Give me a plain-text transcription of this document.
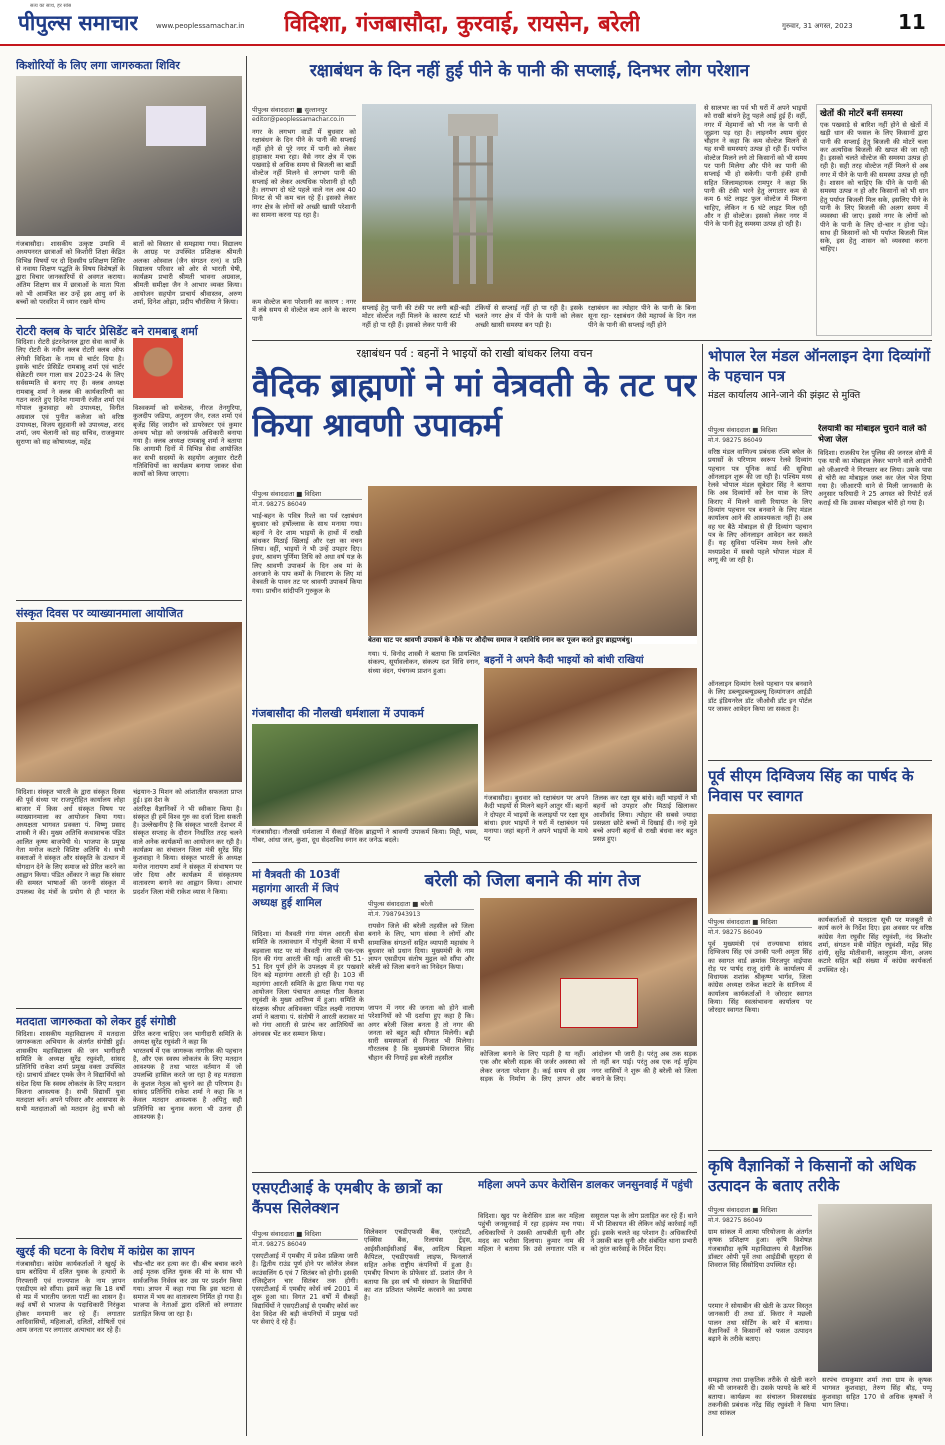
सत्य का साथ, हर सांस
पीपुल्स समाचार	www.peoplessamachar.in विदिशा, गंजबासौदा, कुरवाई, रायसेन, बरेली	गुरुवार, 31 अगस्त, 2023 11
किशोरियों के लिए लगा जागरुकता शिविर

गंजबासौदा। शासकीय उत्कृष्ट उमावि में अध्ययनरत छात्राओं को किशोरी शिक्षा केंद्रित विभिन्न विषयों पर दो दिवसीय प्रशिक्षण शिविर से नवाया शिक्षण पद्धति के विषय विशेषज्ञों के द्वारा विचार जानकारियों से अवगत कराया। अंतिम शिक्षण सत्र में छात्राओं के माता पिता को भी आमंत्रित कर उन्हें इस आयु वर्ग के बच्चों को परवरिश में ध्यान रखने योग्य

बातों को विस्तार से समझाया गया। विद्यालय के आग्रह पर उपस्थित प्रशिक्षक श्रीमती अलका ओस्वाल (जैन संगठन रत्न) व प्रति विद्यालय परिवार को ओर से भारती घेषी, कार्यक्रम प्रभारी श्रीमती भावना अग्रवाल, श्रीमती समीक्षा जैन ने आभार व्यक्त किया। आयोजन सहयोग प्राचार्य श्रीवास्तव, अरुण शर्मा, दिनेश ओझा, प्रदीप चौरसिया ने किया।

रोटरी क्लब के चार्टर प्रेसिडेंट बने रामबाबू शर्मा
विदिशा। रोटरी इंटरनेशनल द्वारा सेवा कार्यों के लिए रोटरी के नवीन क्लब रोटरी क्लब ऑफ लेगेसी विदिशा के नाम से चार्टर दिया है। इसके चार्टर प्रेसिडेंट रामबाबू शर्मा एवं चार्टर सेक्रेटरी रमन गाला सत्र 2023-24 के लिए सर्वसम्मति से बनाए गए हैं। क्लब अध्यक्ष रामबाबू शर्मा ने क्लब की कार्यकारिणी का गठन करते हुए दिनेश गामानी रंजीत शर्मा एवं गोपाल कुशवाहा को उपाध्यक्ष, विनीत अग्रवाल एवं पुनीत कलेजा को वरिष्ठ उपाध्यक्ष, विजय सुहवानी को उपाध्यक्ष, शरद शर्मा, जय चेलानी को सह सचिव, राजकुमार सुराणा को सह कोषाध्यक्ष, महेंद्र
विश्वकर्मा को सचेतक, नीरज तेनगुरिया, कुलदीप जडिया, अनुराग जैन, रजत शर्मा एवं बृजेंद्र सिंह जादौन को डायरेक्टर एवं कुमार अन्वय भोड़ा को जनसंपर्क अधिकारी बनाया गया है। क्लब अध्यक्ष रामबाबू शर्मा ने बताया कि आगामी दिनों में विभिन्न सेवा आयोजित कर सभी सदस्यों के सहयोग अनुसार रोटरी गतिविधियों का कार्यक्रम बनाया जाकर सेवा कार्यों को किया जाएगा।
संस्कृत दिवस पर व्याख्यानमाला आयोजित

विदिशा। संस्कृत भारती के द्वारा संस्कृत दिवस की पूर्व संध्या पर राजपुरोहित कार्यालय लोहा बाजार में किस अर्ध संस्कृत विषय पर व्याख्यानमाला का आयोजन किया गया। अध्यक्षता भागवत प्रवक्ता पं. विष्णु प्रसाद शास्त्री ने की। मुख्य अतिथि कथावाचक पंडित आलित कृष्ण बाजपेयी थे। भाजपा के प्रमुख नेता मनोज कटारे विशिष्ट अतिथि थे। सभी वक्ताओं ने संस्कृत और संस्कृति के उत्थान में योगदान देने के लिए समाज को प्रेरित करने का आह्वान किया। पंडित ओंकार ने कहा कि संसार की समस्त भाषाओं की जननी संस्कृत में उपलब्ध वेद मंत्रों के प्रयोग से ही भारत के चंद्रयान-3 मिशन को आंशातीत सफलता प्राप्त हुई। इस देश के

अंतरिक्ष वैज्ञानिकों ने भी स्वीकार किया है। संस्कृत ही हमें विश्व गुरु का दर्जा दिला सकती है। उल्लेखनीय है कि संस्कृत भारती देशभर में संस्कृत सप्ताह के दौरान निर्धारित तरह चलने वाले अनेक कार्यक्रमों का आयोजन कर रही है। कार्यक्रम का संचालन जिला मंत्री सुरेंद्र सिंह कुशवाहा ने किया। संस्कृत भारती के अध्यक्ष मनोज नारायण शर्मा ने संस्कृत में संभाषण पर जोर दिया और कार्यक्रम में संस्कृतमय वातावरण बनाने का आह्वान किया। आभार प्रदर्शन जिला मंत्री राकेश व्यास ने किया।

मतदाता जागरुकता को लेकर हुई संगोष्ठी

विदिशा। शासकीय महाविद्यालय में मतदाता जागरूकता अभियान के अंतर्गत संगोष्ठी हुई। शासकीय महाविद्यालय की जन भागीदारी समिति के अध्यक्ष सुरेंद्र रघुवंशी, सांसद प्रतिनिधि राकेश शर्मा प्रमुख वक्ता उपस्थित रहे। प्राचार्य डॉक्टर एमके जैन ने विद्यार्थियों को संदेश दिया कि स्वस्थ लोकतंत्र के लिए मतदान कितना आवश्यक है। सभी विद्यार्थी युवा मतदाता बनें। अपने परिवार और आसपास के सभी मतदाताओं को मतदान हेतु सभी को प्रेरित करना चाहिए। जन भागीदारी समिति के अध्यक्ष सुरेंद्र रघुवंशी ने कहा कि

भारतवर्ष में एक जागरूक नागरिक की पहचान है, और एक स्वस्थ लोकतंत्र के लिए मतदान आवश्यक है तथा भारत वर्तमान में जो उपलब्धि हासिल करते जा रहा है वह मतदाता के कुशल नेतृत्व को चुनने का ही परिणाम है। सांसद प्रतिनिधि राकेश शर्मा ने कहा कि न केवल मतदान आवश्यक है अपितु सही प्रतिनिधि का चुनाव करना भी उतना ही आवश्यक है।

खुरई की घटना के विरोध में कांग्रेस का ज्ञापन

गंजबासौदा। कांग्रेस कार्यकर्ताओं ने खुरई के ग्राम बरोदिया में दलित युवक के हत्यारों के गिरफ्तारी एवं राज्यपाल के नाम ज्ञापन एसडीएम को सौंपा। इसमें कहा कि 18 वर्षों से मप्र में भारतीय जनता पार्टी का शासन है। कई वर्षों से भाजपा के पदाधिकारी निरंकुश होकर मनमानी कर रहे हैं। लगातार आदिवासियों, महिलाओं, दलितों, शोषितों एवं आम जनता पर लगातार अत्याचार कर रहे हैं।

चौड-चौट कर हत्या कर दी। बीच बचाव करने आई मृतक दलित युवक की मां के साथ भी सार्वजनिक निर्वस्त्र कर उस पर प्रदर्शन किया गया। ज्ञापन में कहा गया कि इस घटना से समाज में भय का वातावरण निर्मित हो गया है। भाजपा के नेताओं द्वारा दलितों को लगातार प्रताड़ित किया जा रहा है।

रक्षाबंधन के दिन नहीं हुई पीने के पानी की सप्लाई, दिनभर लोग परेशान
पीपुल्स संवाददाता ■ सुल्तानपुर
editor@peoplessamachar.co.in
नगर के लगभग वार्डों में बुधवार को रक्षाबंधन के दिन पीने के पानी की सप्लाई नहीं होने से पूरे नगर में पानी को लेकर हाहाकार मचा रहा। वैसे नगर क्षेत्र में एक पखवाड़े से अधिक समय से बिजली का बार्डी वोल्टेज नहीं मिलने से लगभग पानी की सप्लाई को लेकर अत्यधिक परेशानी हो रही है। लगभग दो घंटे पहले वाले नल अब 40 मिनट से भी कम चल रहे हैं। इसको लेकर नगर क्षेत्र के लोगों को अच्छी खासी परेशानी का सामना करना पड़ रहा है।
कम वोल्टेज बना परेशानी का कारण : नगर में लंबे समय से वोल्टेज कम आने के कारण पानी
सप्लाई हेतु पानी की टंकी पर लगी बड़ी-बड़ी मोटर वोल्टेज नहीं मिलने के कारण स्टार्ट भी नहीं हो पा रही हैं। इसको लेकर पानी की
टंकियों से सप्लाई नहीं हो पा रही है। इसके चलते नगर क्षेत्र में पीने के पानी को लेकर अच्छी खासी समस्या बन पड़ी है।
रक्षाबंधन का त्योहार पीने के पानी के बिना सूना रहा- रक्षाबंधन जैसे महापर्व के दिन नल पीने के पानी की सप्लाई नहीं होने
से सालभर का पर्व भी घरों में अपने भाइयों को राखी बांधने हेतु पहले आई हुई हैं। वहीं, नगर में मेहमानों को भी नल के पानी से जूझना पड़ रहा है। लाइनमैन श्याम सुंदर चौहान ने कहा कि कम वोल्टेज मिलने से यह सभी समस्याएं उत्पन्न हो रही हैं। पर्याप्त वोल्टेज मिलने लगे तो किसानों को भी समय पर पानी मिलेगा और पीने का पानी की सप्लाई भी हो सकेगी। पानी हंकी हाथी सहित जिलामहायक रामपुर ने कहा कि पानी की टंकी भरने हेतु लगातार कम से कम 6 घंटे लाइट फुल वोल्टेज में मिलना चाहिए, लेकिन न 6 घंटे लाइट मिल रही और न ही वोल्टेज। इसको लेकर नगर में पीने के पानी हेतु समस्या उत्पन्न हो रही है।
खेतों की मोटरें बनीं समस्या
एक पखवाड़े से बारिश नहीं होने से खेतों में खड़ी धान की फसल के लिए किसानों द्वारा पानी की सप्लाई हेतु बिजली की मोटरें चला कर अत्यधिक बिजली की खपत की जा रही है। इसको चलते वोल्टेज की समस्या उत्पन्न हो रही है। सही तरह वोल्टेज नहीं मिलने से अब नगर में पीने के पानी की समस्या उत्पन्न हो रही है। शासन को चाहिए कि पीने के पानी की समस्या उत्पन्न न हो और किसानों को भी धान हेतु पर्याप्त बिजली मिल सके, इसलिए पीने के पानी के लिए बिजली की अलग समय में व्यवस्था की जाए। इससे नगर के लोगों को पीने के पानी के लिए दो-चार न होना पड़े। साथ ही किसानों को भी पर्याप्त बिजली मिल सके, इस हेतु शासन को व्यवस्था करना चाहिए।
रक्षाबंधन पर्व : बहनों ने भाइयों को राखी बांधकर लिया वचन
वैदिक ब्राह्मणों ने मां वेत्रवती के तट पर किया श्रावणी उपाकर्म
पीपुल्स संवाददाता ■ विदिशा
मो.नं. 98275 86049
भाई-बहन के पवित्र रिश्ते का पर्व रक्षाबंधन बुधवार को हर्षोल्लास के साथ मनाया गया। बहनों ने देर शाम भाइयों के हाथों में राखी बांधकर मिठाई खिलाई और रक्षा का वचन लिया। वहीं, भाइयों ने भी उन्हें उपहार दिए। इधर, श्रावण पूर्णिमा तिथि को अधा वर्ष यज्ञ के लिए श्रावणी उपाकर्म के दिन अब मां के अनजाने के पाप कर्मों के निवारण के लिए मां वेत्रवती के पावन तट पर श्रावणी उपाकर्म किया गया। प्राचीन सांदीपनि गुरुकुल के
बेतवा घाट पर श्रावणी उपाकर्म के मौके पर औदीच्य समाज ने दशविधि स्नान कर पूजन करते हुए ब्राह्मणबंधु।
गया। पं. विनोद शास्त्री ने बताया कि प्रायश्चित संकल्प, सूर्यावलोकन, संकल्प दश विधि स्नान, संध्या वंदन, पंचगव्य प्राशन हुआ।
गंजबासौदा की नौलखी धर्मशाला में उपाकर्म
गंजबासौदा। नौलखी धर्मशाला में सैकड़ों वैदिक ब्राह्मणों ने श्रावणी उपाकर्म किया। मिट्टी, भस्म, गोबर, आंधा जल, कुशा, दूध सेदशविध स्नान कर जनेऊ बदले।
बहनों ने अपने कैदी भाइयों को बांधी राखियां
गंजबासौदा। बुधवार को रक्षाबंधन पर अपने कैदी भाइयों से मिलने बहनें आतुर थीं। बहनों ने दोपहर में भाइयों के कलाइयों पर रक्षा सूत्र बांधा। इधर भाइयों ने घरों में रक्षाबंधन पर्व मनाया। जहां बहनों ने अपने भाइयों के माथे पर
तिलक कर रक्षा सूत्र बांधे। वहीं भाइयों ने भी बहनों को उपहार और मिठाई खिलाकर आशीर्वाद लिया। त्योहार की सबसे ज्यादा प्रसन्नता छोटे बच्चों में दिखाई दी। नन्हे मुन्ने बच्चे अपनी बहनों से राखी बंधवा कर बहुत प्रसन्न हुए।
मां वैत्रवती की 103वीं महागंगा आरती में जिपं अध्यक्ष हुई शामिल
विदिशा। मां वैत्रवती गंगा मंगल आरती सेवा समिति के तत्वावधान में गोपुली बेतवा में सभी बड़वाला घाट पर मां वैत्रवती गंगा की एक-एक दिन की गंगा आरती की गई। आरती की 51-51 दिन पूर्ण होने के उपलक्ष्य में हर पखवारे दिन बड़े महागंगा आरती हो रही है। 103 वीं महागंगा आरती समिति के द्वारा किया गया यह आयोजन जिला पंचायत अध्यक्ष गीता कैलाश रघुवंशी के मुख्य आतिथ्य में हुआ। समिति के संरक्षक श्रीधर अधिवक्ता पंडित लक्ष्मी नारायण शर्मा ने बताया। पं. संतोषी ने आरती कराकर मां को गंगा आरती से प्रारंभ कर आतिथियों का अंगवस्त्र भेंट कर सम्मान किया।
बरेली को जिला बनाने की मांग तेज
पीपुल्स संवाददाता ■ बरेली
मो.नं. 7987943913
रायसेन जिले की बरेली तहसील को जिला बनाने के लिए, भाग संस्था ने लोगों और सामाजिक संगठनों सहित व्यापारी महासंघ ने बुधवार को प्रधान दिया। मुख्यमंत्री के नाम ज्ञापन एसडीएम संतोष मुद्गल को सौंपा और बरेली को जिला बनाने का निवेदन किया।
जापन में नगर की जनता को होने वाली परेशानियों को भी दर्शाया हुए कहा है कि। अगर बरेली जिला बनता है तो नगर की जनता को बहुत बड़ी सौगात मिलेगी। बढ़ी सारी समस्याओं से निजात भी मिलेगा। गौरतलब है कि मुख्यमंत्री शिवराज सिंह चौहान की निगाहें इस बरेली तहसील	कोजिला बनाने के लिए पड़ती है या नहीं। एक और बरेली सड़क की जर्जर अवस्था को लेकर जनता परेशान है। कई समय से इस सड़क के निर्माण के लिए ज्ञापन और आंदोलन भी जारी है। परंतु अब तक सड़क तो नहीं बन पाई। परंतु अब एक नई मुहिम नगर वासियों ने शुरू की है बरेली को जिला बनाने के लिए।
एसएटीआई के एमबीए के छात्रों का कैंपस सिलेक्शन
पीपुल्स संवाददाता ■ विदिशा
मो.नं. 98275 86049
एसएटीआई में एमबीए में प्रवेश प्रक्रिया जारी है। द्वितीय राउंड पूर्ण होने पर कॉलेज लेवल काउंसलिंग 6 एवं 7 सितंबर को होगी। इसकी रजिस्ट्रेशन चार सितंबर तक होगी। एसएटीआई में एमबीए कोर्स वर्ष 2001 में शुरू हुआ था। विगत 21 वर्षों में सैकड़ों विद्यार्थियों ने एसएटीआई से एमबीए कोर्स कर देश विदेश की बड़ी कंपनियों में प्रमुख पदों पर सेवाएं दे रहे हैं।
सिलेक्शन एचडीएफसी बैंक, एलएंडटी, एक्सिस बैंक, रिलायंस ट्रेंड्स, आईसीआईसीआई बैंक, आदित्य बिड़ला कैपिटल, एचडीएफसी लाइफ, फिनलार्ज सहित अनेक राष्ट्रीय कंपनियों में हुआ है। एमबीए विभाग के प्रोफेसर डॉ. प्रशांत जैन ने बताया कि इस वर्ष भी संस्थान के विद्यार्थियों का शत प्रतिशत प्लेसमेंट करवाने का प्रयास है।
महिला अपने ऊपर केरोसिन डालकर जनसुनवाई में पहुंची
विदिशा। खुद पर केरोसिन डाल कर महिला पहुंची जनसुनवाई में रहा हड़कंप मच गया। अधिकारियों ने उसकी आपबीती सुनी और मदद का भरोसा दिलाया। कुमार नाम की महिला ने बताया कि उसे लगातार पति व ससुराल पक्ष के लोग प्रताड़ित कर रहे हैं। थाने में भी शिकायत की लेकिन कोई कार्रवाई नहीं हुई। इसके चलते वह परेशान है। अधिकारियों ने उसकी बात सुनी और संबंधित थाना प्रभारी को तुरंत कार्रवाई के निर्देश दिए।
भोपाल रेल मंडल ऑनलाइन देगा दिव्यांगों के पहचान पत्र
मंडल कार्यालय आने-जाने की झंझट से मुक्ति
पीपुल्स संवाददाता ■ विदिशा
मो.नं. 98275 86049
वरिष्ठ मंडल वाणिज्य प्रबंधक रश्मि बघेल के प्रयासों के परिणाम स्वरूप रेलवे दिव्यांग पहचान पत्र यूनिक कार्ड की सुविधा ऑनलाइन शुरू की जा रही है। पश्चिम मध्य रेलवे भोपाल मंडल सूबेदार सिंह ने बताया कि अब दिव्यांगों को रेल यात्रा के लिए किराए में मिलने वाली रियायत के लिए दिव्यांग पहचान पत्र बनवाने के लिए मंडल कार्यालय आने की आवश्यकता नहीं है। अब वह घर बैठे मोबाइल से ही दिव्यांग पहचान पत्र के लिए ऑनलाइन आवेदन कर सकते हैं। यह सुविधा पश्चिम मध्य रेलवे और मध्यप्रदेश में सबसे पहले भोपाल मंडल में लागू की जा रही है।
ऑनलाइन दिव्यांग रेलवे पहचान पत्र बनवाने के लिए डब्ल्यूडब्ल्यूडब्ल्यू दिव्यांगजन आईडी डॉट इंडियनरेल डॉट जीओवी डॉट इन पोर्टल पर जाकर आवेदन किया जा सकता है।
रेलयात्री का मोबाइल चुराने वाले को भेजा जेल
विदिशा। राजकीय रेल पुलिस की जनरल वोगी में एक यात्री का मोबाइल लेकर भागने वाले आरोपी को जीआरपी ने गिरफ्तार कर लिया। उसके पास से चोरी का मोबाइल जब्त कर जेल भेज दिया गया है। जीआरपी थाने से मिली जानकारी के अनुसार फरियादी ने 25 अगस्त को रिपोर्ट दर्ज कराई थी कि उसका मोबाइल चोरी हो गया है।
पूर्व सीएम दिग्विजय सिंह का पार्षद के निवास पर स्वागत
पीपुल्स संवाददाता ■ विदिशा
मो.नं. 98275 86049
पूर्व मुख्यमंत्री एवं राज्यसभा सांसद दिग्विजय सिंह एवं उनकी पत्नी अमृता सिंह का स्वागत वार्ड क्रमांक मिरजपुर वाईपास रोड़ पर पार्षद राजू दांगी के कार्यालय में विधायक शशांक श्रीकृष्ण भार्गव, जिला कांग्रेस अध्यक्ष राकेश कटारे के सानिध्य में कार्यालय कार्यकर्ताओं ने जोरदार स्वागत किया। सिंह स्वत्संभावना कार्यालय पर जोरदार स्वागत किया।
कार्यकर्ताओं से मतदाता सूची पर मजबूती से कार्य करने के निर्देश दिए। इस अवसर पर वरिष्ठ कांग्रेस नेता रघुवीर सिंह रघुवंशी, नंद किशोर शर्मा, संगठन मंत्री मोहित रघुवंशी, महेंद्र सिंह दांगी, सुरेंद्र मोतीवानी, कालूराम मीना, अजय कटारे सहित बड़ी संख्या में कांग्रेस कार्यकर्ता उपस्थित रहे।
कृषि वैज्ञानिकों ने किसानों को अधिक उत्पादन के बताए तरीके
पीपुल्स संवाददाता ■ विदिशा
मो.नं. 98275 86049
ग्राम सांकल में आत्मा परियोजना के अंतर्गत कृषक प्रशिक्षण हुआ। कृषि विशेषज्ञ गंजबासौदा कृषि महाविद्यालय से वैज्ञानिक डॉक्टर ओपी पूर्वे तथा आईडीबी सुरहरा से शिवराज सिंह सिसोदिया उपस्थित रहे।
परमार ने सोयाबीन की खेती के ऊपर विस्तृत जानकारी दी तथा डॉ. किरार ने मछली पालन तथा सोर्टिंग के बारे में बताया। वैज्ञानिकों ने किसानों को फसल उत्पादन बढ़ाने के तरीके बताए।
समझाया तथा प्राकृतिक तरीके से खेती करने की भी जानकारी दी। उसके फायदे के बारे में बताया। कार्यक्रम का संचालन विकासखंड तकनीकी प्रबंधक नरेंद्र सिंह रघुवंशी ने किया तथा सांकल
सरपंच रामकुमार शर्मा तथा ग्राम के कृषक भागवत कुशवाहा, तेरुण सिंह बौड़, पप्पू कुशवाहा सहित 170 से अधिक कृषकों ने भाग लिया।
